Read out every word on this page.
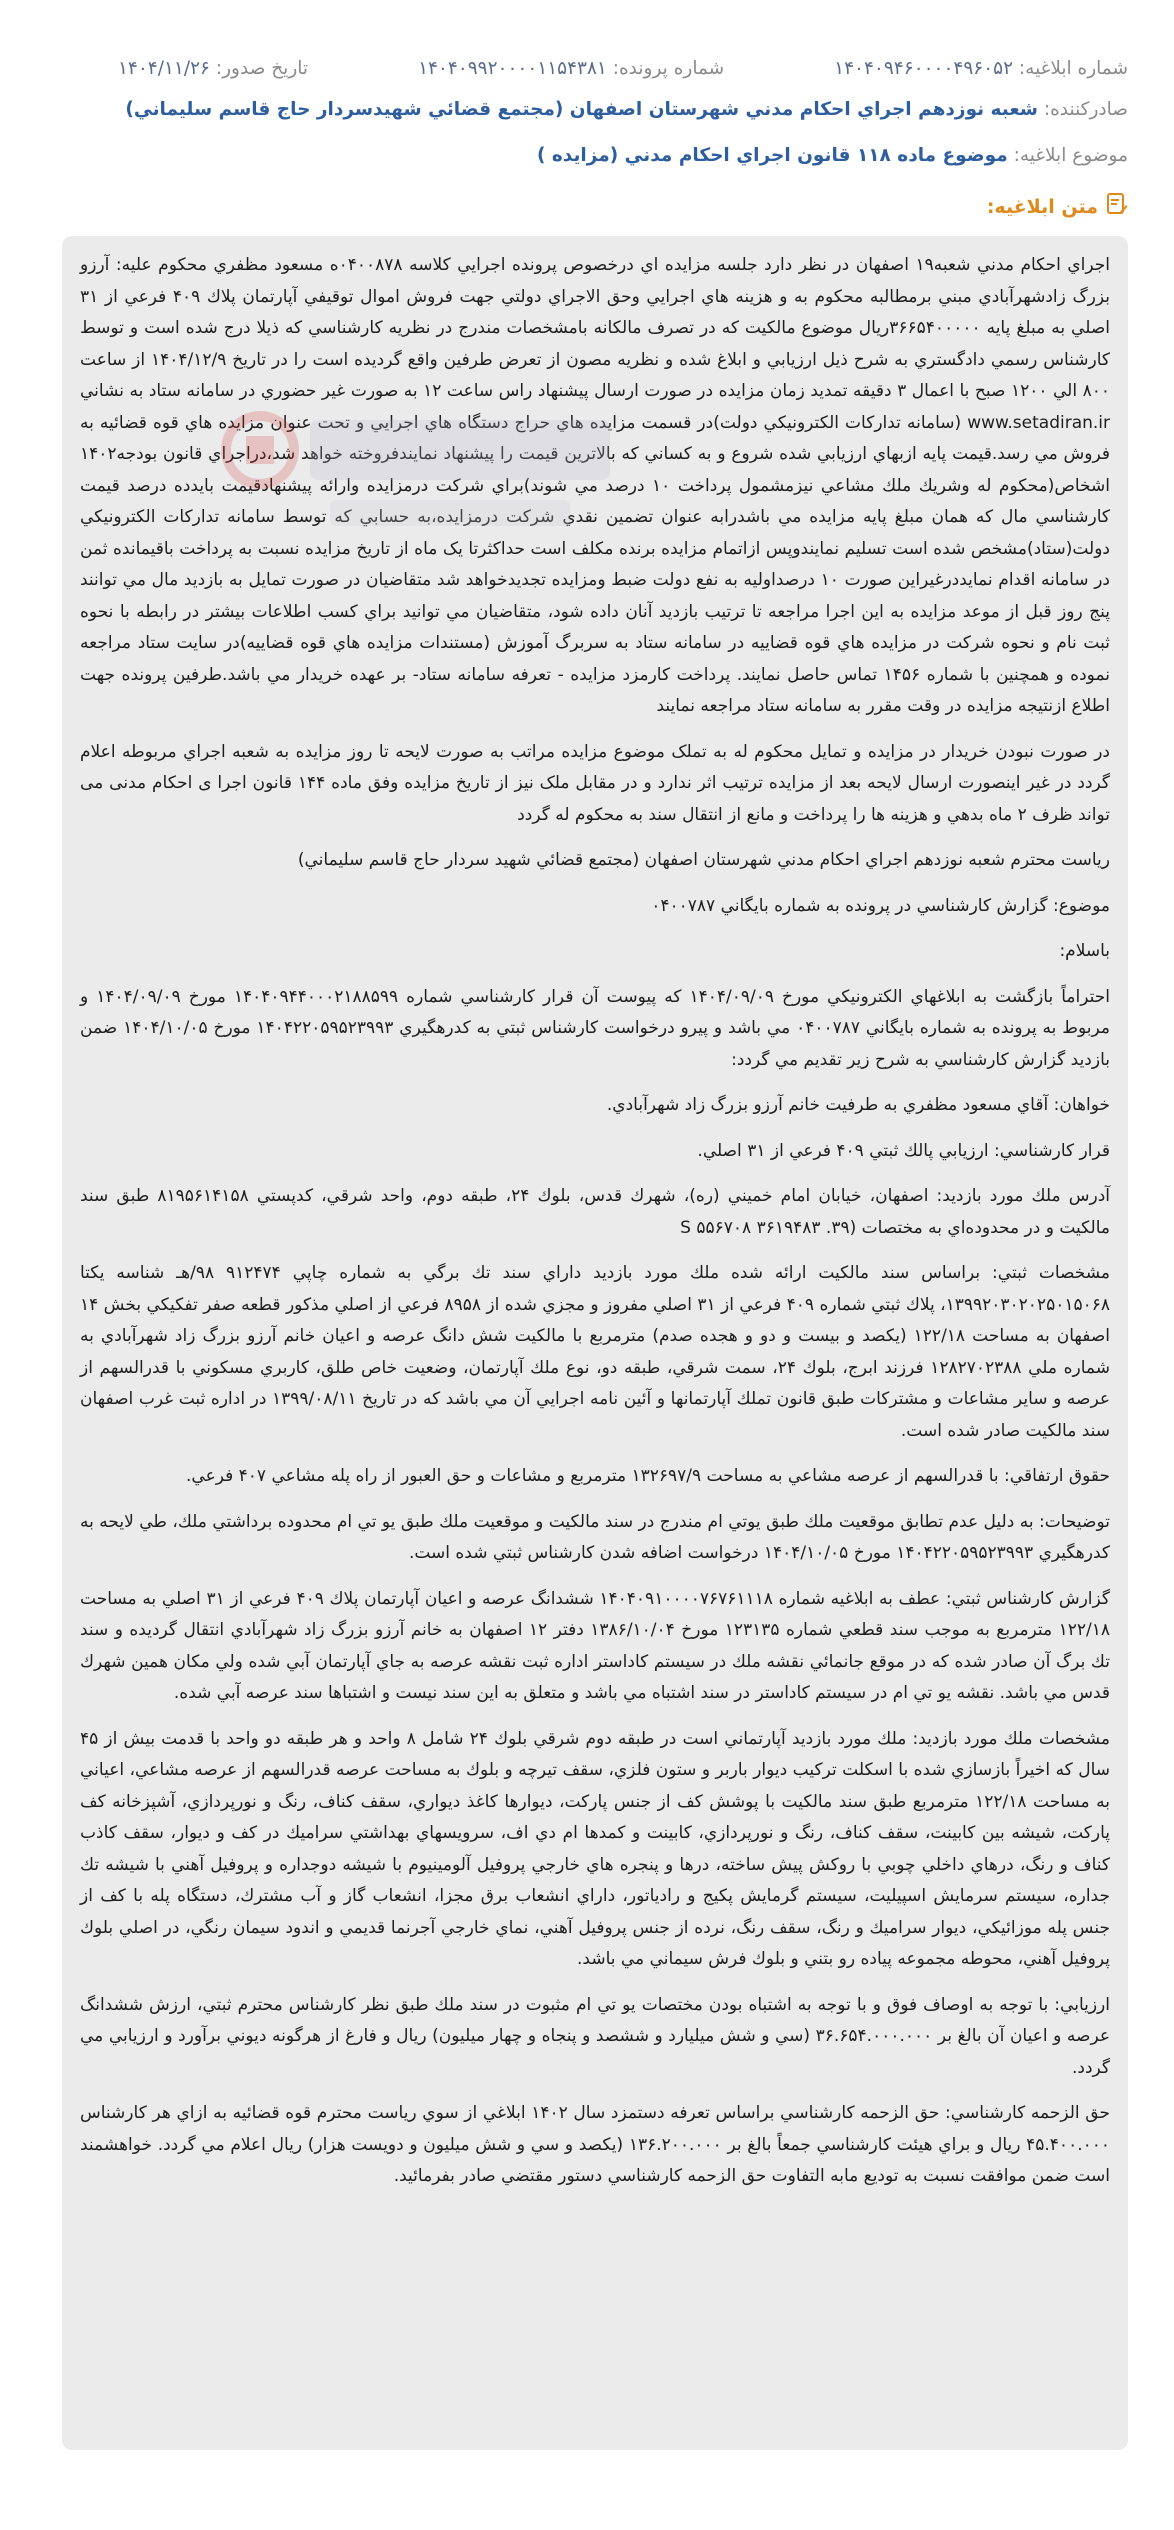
شماره ابلاغيه: ۱۴۰۴۰۹۴۶۰۰۰۰۴۹۶۰۵۲
شماره پرونده: ۱۴۰۴۰۹۹۲۰۰۰۰۱۱۵۴۳۸۱
تاريخ صدور: ۱۴۰۴/۱۱/۲۶
صادرکننده: شعبه نوزدهم اجراي احكام مدني شهرستان اصفهان (مجتمع قضائي شهيدسردار حاج قاسم سليماني)
موضوع ابلاغيه: موضوع ماده ۱۱۸ قانون اجراي احكام مدني (مزايده )
متن ابلاغيه:

اجراي احكام مدني شعبه۱۹ اصفهان در نظر دارد جلسه مزايده اي درخصوص پرونده اجرايي كلاسه ۰۴۰۰۸۷۸ه مسعود مظفري محكوم عليه: آرزو بزرگ زادشهرآبادي مبني برمطالبه محکوم به و هزينه هاي اجرايي وحق الاجراي دولتي جهت فروش اموال توقيفي آپارتمان پلاك ۴۰۹ فرعي از ۳۱ اصلي به مبلغ پايه ۳۶۶۵۴۰۰۰۰۰ريال موضوع مالكيت كه در تصرف مالكانه بامشخصات مندرج در نظريه كارشناسي كه ذيلا درج شده است و توسط كارشناس رسمي دادگستري به شرح ذيل ارزيابي و ابلاغ شده و نظريه مصون از تعرض طرفين واقع گرديده است را در تاريخ ۱۴۰۴/۱۲/۹ از ساعت ۸۰۰ الي ۱۲۰۰ صبح با اعمال ۳ دقيقه تمديد زمان مزايده در صورت ارسال پيشنهاد راس ساعت ۱۲ به صورت غير حضوري در سامانه ستاد به نشاني www.setadiran.ir (سامانه تداركات الكترونيكي دولت)در قسمت مزايده هاي حراج دستگاه هاي اجرايي و تحت عنوان مزايده هاي قوه قضائيه به فروش مي رسد.قيمت پايه ازبهاي ارزيابي شده شروع و به كساني كه بالاترين قيمت را پيشنهاد نمايندفروخته خواهد شد،دراجراي قانون بودجه۱۴۰۲ اشخاص(محكوم له وشريك ملك مشاعي نيزمشمول پرداخت ۱۰ درصد مي شوند)براي شركت درمزايده وارائه پيشنهادقيمت بايدده درصد قيمت كارشناسي مال كه همان مبلغ پايه مزايده مي باشدرابه عنوان تضمين نقدي شركت درمزايده،به حسابي كه توسط سامانه تداركات الكترونيكي دولت(ستاد)مشخص شده است تسليم نمايندوپس ازاتمام مزايده برنده مكلف است حداكثرتا يک ماه از تاريخ مزايده نسبت به پرداخت باقيمانده ثمن در سامانه اقدام نمايددرغيراين صورت ۱۰ درصداوليه به نفع دولت ضبط ومزايده تجديدخواهد شد متقاضيان در صورت تمايل به بازديد مال مي توانند پنج روز قبل از موعد مزايده به اين اجرا مراجعه تا ترتيب بازديد آنان داده شود، متقاضيان مي توانيد براي كسب اطلاعات بيشتر در رابطه با نحوه ثبت نام و نحوه شركت در مزايده هاي قوه قضاييه در سامانه ستاد به سربرگ آموزش (مستندات مزايده هاي قوه قضاييه)در سايت ستاد مراجعه نموده و همچنين با شماره ۱۴۵۶ تماس حاصل نمايند. پرداخت كارمزد مزايده - تعرفه سامانه ستاد- بر عهده خريدار مي باشد.طرفين پرونده جهت اطلاع ازنتيجه مزايده در وقت مقرر به سامانه ستاد مراجعه نمايند

در صورت نبودن خريدار در مزايده و تمايل محکوم له به تملک موضوع مزايده مراتب به صورت لايحه تا روز مزايده به شعبه اجراي مربوطه اعلام گردد در غير اينصورت ارسال لايحه بعد از مزايده ترتيب اثر ندارد و در مقابل ملک نيز از تاريخ مزايده وفق ماده ۱۴۴ قانون اجرا ی احکام مدنی می تواند ظرف ۲ ماه بدهي و هزينه ها را پرداخت و مانع از انتقال سند به محکوم له گردد

رياست محترم شعبه نوزدهم اجراي احكام مدني شهرستان اصفهان (مجتمع قضائي شهيد سردار حاج قاسم سليماني)

موضوع: گزارش كارشناسي در پرونده به شماره بايگاني ۰۴۰۰۷۸۷

باسلام:

احتراماً بازگشت به ابلاغهاي الكترونيكي مورخ ۱۴۰۴/۰۹/۰۹ كه پيوست آن قرار كارشناسي شماره ۱۴۰۴۰۹۴۴۰۰۰۲۱۸۸۵۹۹ مورخ ۱۴۰۴/۰۹/۰۹ و مربوط به پرونده به شماره بايگاني ۰۴۰۰۷۸۷ مي باشد و پيرو درخواست كارشناس ثبتي به كدرهگيري ۱۴۰۴۲۲۰۵۹۵۲۳۹۹۳ مورخ ۱۴۰۴/۱۰/۰۵ ضمن بازديد گزارش كارشناسي به شرح زير تقديم مي گردد:

خواهان: آقاي مسعود مظفري به طرفيت خانم آرزو بزرگ زاد شهرآبادي.

قرار كارشناسي: ارزيابي پالك ثبتي ۴۰۹ فرعي از ۳۱ اصلي.

آدرس ملك مورد بازديد: اصفهان، خيابان امام خميني (ره)، شهرك قدس، بلوك ۲۴، طبقه دوم، واحد شرقي، كدپستي ۸۱۹۵۶۱۴۱۵۸ طبق سند مالكيت و در محدوده‌اي به مختصات (۳۹. ۳۶۱۹۴۸۳ ۵۵۶۷۰۸ S

مشخصات ثبتي: براساس سند مالكيت ارائه شده ملك مورد بازديد داراي سند تك برگي به شماره چاپي ۹۱۲۴۷۴ ۹۸/هـ شناسه يكتا ۱۳۹۹۲۰۳۰۲۰۲۵۰۱۵۰۶۸، پلاك ثبتي شماره ۴۰۹ فرعي از ۳۱ اصلي مفروز و مجزي شده از ۸۹۵۸ فرعي از اصلي مذكور قطعه صفر تفكيكي بخش ۱۴ اصفهان به مساحت ۱۲۲/۱۸ (يكصد و بيست و دو و هجده صدم) مترمربع با مالكيت شش دانگ عرصه و اعيان خانم آرزو بزرگ زاد شهرآبادي به شماره ملي ۱۲۸۲۷۰۲۳۸۸ فرزند ابرج، بلوك ۲۴، سمت شرقي، طبقه دو، نوع ملك آپارتمان، وضعيت خاص طلق، كاربري مسكوني با قدرالسهم از عرصه و ساير مشاعات و مشتركات طبق قانون تملك آپارتمانها و آئين نامه اجرايي آن مي باشد كه در تاريخ ۱۳۹۹/۰۸/۱۱ در اداره ثبت غرب اصفهان سند مالكيت صادر شده است.

حقوق ارتفاقي: با قدرالسهم از عرصه مشاعي به مساحت ۱۳۲۶۹۷/۹ مترمربع و مشاعات و حق العبور از راه پله مشاعي ۴۰۷ فرعي.

توضيحات: به دليل عدم تطابق موقعيت ملك طبق يوتي ام مندرج در سند مالكيت و موقعيت ملك طبق يو تي ام محدوده برداشتي ملك، طي لايحه به كدرهگيري ۱۴۰۴۲۲۰۵۹۵۲۳۹۹۳ مورخ ۱۴۰۴/۱۰/۰۵ درخواست اضافه شدن كارشناس ثبتي شده است.

گزارش كارشناس ثبتي: عطف به ابلاغيه شماره ۱۴۰۴۰۹۱۰۰۰۰۷۶۷۶۱۱۱۸ ششدانگ عرصه و اعيان آپارتمان پلاك ۴۰۹ فرعي از ۳۱ اصلي به مساحت ۱۲۲/۱۸ مترمربع به موجب سند قطعي شماره ۱۲۳۱۳۵ مورخ ۱۳۸۶/۱۰/۰۴ دفتر ۱۲ اصفهان به خانم آرزو بزرگ زاد شهرآبادي انتقال گرديده و سند تك برگ آن صادر شده كه در موقع جانمائي نقشه ملك در سيستم كاداستر اداره ثبت نقشه عرصه به جاي آپارتمان آبي شده ولي مكان همين شهرك قدس مي باشد. نقشه يو تي ام در سيستم كاداستر در سند اشتباه مي باشد و متعلق به اين سند نيست و اشتباها سند عرصه آبي شده.

مشخصات ملك مورد بازديد: ملك مورد بازديد آپارتماني است در طبقه دوم شرقي بلوك ۲۴ شامل ۸ واحد و هر طبقه دو واحد با قدمت بيش از ۴۵ سال كه اخيراً بازسازي شده با اسكلت تركيب ديوار باربر و ستون فلزي، سقف تيرچه و بلوك به مساحت عرصه قدرالسهم از عرصه مشاعي، اعياني به مساحت ۱۲۲/۱۸ مترمربع طبق سند مالكيت با پوشش كف از جنس پاركت، ديوارها كاغذ ديواري، سقف كناف، رنگ و نورپردازي، آشپزخانه كف پاركت، شيشه بين كابينت، سقف كناف، رنگ و نورپردازي، كابينت و كمدها ام دي اف، سرويسهاي بهداشتي سراميك در كف و ديوار، سقف كاذب كناف و رنگ، درهاي داخلي چوبي با روكش پيش ساخته، درها و پنجره هاي خارجي پروفيل آلومينيوم با شيشه دوجداره و پروفيل آهني با شيشه تك جداره، سيستم سرمايش اسپيليت، سيستم گرمايش پكيج و رادياتور، داراي انشعاب برق مجزا، انشعاب گاز و آب مشترك، دستگاه پله با كف از جنس پله موزائيكي، ديوار سراميك و رنگ، سقف رنگ، نرده از جنس پروفيل آهني، نماي خارجي آجرنما قديمي و اندود سيمان رنگي، در اصلي بلوك پروفيل آهني، محوطه مجموعه پياده رو بتني و بلوك فرش سيماني مي باشد.

ارزيابي: با توجه به اوصاف فوق و با توجه به اشتباه بودن مختصات يو تي ام مثبوت در سند ملك طبق نظر كارشناس محترم ثبتي، ارزش ششدانگ عرصه و اعيان آن بالغ بر ۳۶.۶۵۴.۰۰۰.۰۰۰ (سي و شش ميليارد و ششصد و پنجاه و چهار ميليون) ريال و فارغ از هرگونه ديوني برآورد و ارزيابي مي گردد.

حق الزحمه كارشناسي: حق الزحمه كارشناسي براساس تعرفه دستمزد سال ۱۴۰۲ ابلاغي از سوي رياست محترم قوه قضائيه به ازاي هر كارشناس ۴۵.۴۰۰.۰۰۰ ريال و براي هيئت كارشناسي جمعاً بالغ بر ۱۳۶.۲۰۰.۰۰۰ (يكصد و سي و شش ميليون و دويست هزار) ريال اعلام مي گردد. خواهشمند است ضمن موافقت نسبت به توديع مابه التفاوت حق الزحمه كارشناسي دستور مقتضي صادر بفرمائيد.
